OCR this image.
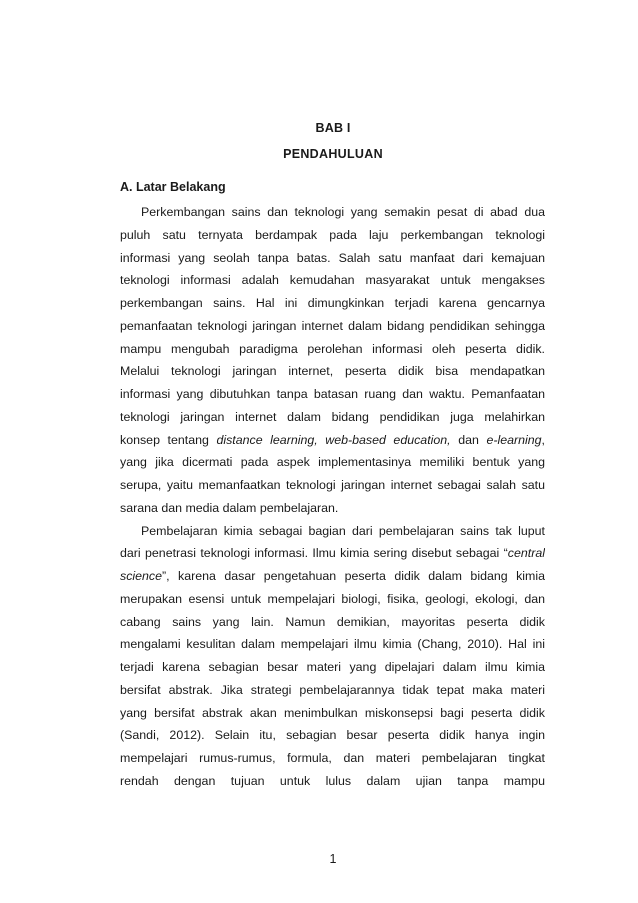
BAB I
PENDAHULUAN
A. Latar Belakang
Perkembangan sains dan teknologi yang semakin pesat di abad dua
puluh satu ternyata berdampak pada laju perkembangan teknologi
informasi yang seolah tanpa batas. Salah satu manfaat dari kemajuan
teknologi informasi adalah kemudahan masyarakat untuk mengakses
perkembangan sains. Hal ini dimungkinkan terjadi karena gencarnya
pemanfaatan teknologi jaringan internet dalam bidang pendidikan sehingga
mampu mengubah paradigma perolehan informasi oleh peserta didik.
Melalui teknologi jaringan internet, peserta didik bisa mendapatkan
informasi yang dibutuhkan tanpa batasan ruang dan waktu. Pemanfaatan
teknologi jaringan internet dalam bidang pendidikan juga melahirkan
konsep tentang distance learning, web-based education, dan e-learning,
yang jika dicermati pada aspek implementasinya memiliki bentuk yang
serupa, yaitu memanfaatkan teknologi jaringan internet sebagai salah satu
sarana dan media dalam pembelajaran.
Pembelajaran kimia sebagai bagian dari pembelajaran sains tak luput
dari penetrasi teknologi informasi. Ilmu kimia sering disebut sebagai “central
science”, karena dasar pengetahuan peserta didik dalam bidang kimia
merupakan esensi untuk mempelajari biologi, fisika, geologi, ekologi, dan
cabang sains yang lain. Namun demikian, mayoritas peserta didik
mengalami kesulitan dalam mempelajari ilmu kimia (Chang, 2010). Hal ini
terjadi karena sebagian besar materi yang dipelajari dalam ilmu kimia
bersifat abstrak. Jika strategi pembelajarannya tidak tepat maka materi
yang bersifat abstrak akan menimbulkan miskonsepsi bagi peserta didik
(Sandi, 2012). Selain itu, sebagian besar peserta didik hanya ingin
mempelajari rumus-rumus, formula, dan materi pembelajaran tingkat
rendah dengan tujuan untuk lulus dalam ujian tanpa mampu
1
